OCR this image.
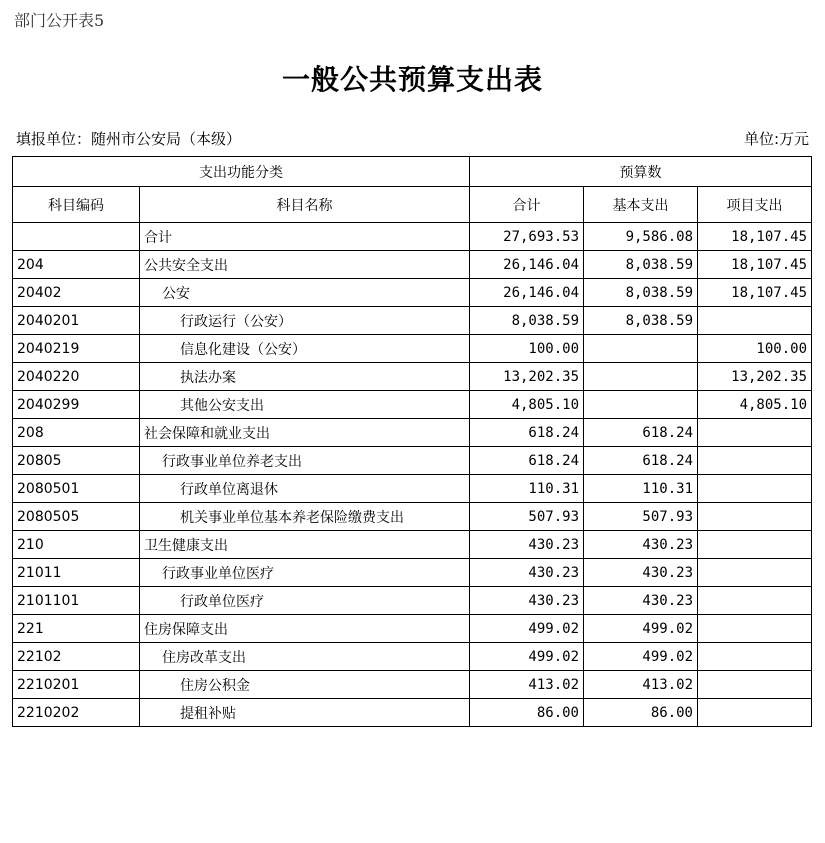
部门公开表5
一般公共预算支出表
填报单位：随州市公安局（本级）	单位:万元
支出功能分类		预算数		
科目编码	科目名称	合计	基本支出	项目支出
	合计	27,693.53	9,586.08	18,107.45
204	公共安全支出	26,146.04	8,038.59	18,107.45
20402	公安	26,146.04	8,038.59	18,107.45
2040201	行政运行（公安）	8,038.59	8,038.59	
2040219	信息化建设（公安）	100.00		100.00
2040220	执法办案	13,202.35		13,202.35
2040299	其他公安支出	4,805.10		4,805.10
208	社会保障和就业支出	618.24	618.24	
20805	行政事业单位养老支出	618.24	618.24	
2080501	行政单位离退休	110.31	110.31	
2080505	机关事业单位基本养老保险缴费支出	507.93	507.93	
210	卫生健康支出	430.23	430.23	
21011	行政事业单位医疗	430.23	430.23	
2101101	行政单位医疗	430.23	430.23	
221	住房保障支出	499.02	499.02	
22102	住房改革支出	499.02	499.02	
2210201	住房公积金	413.02	413.02	
2210202	提租补贴	86.00	86.00	
